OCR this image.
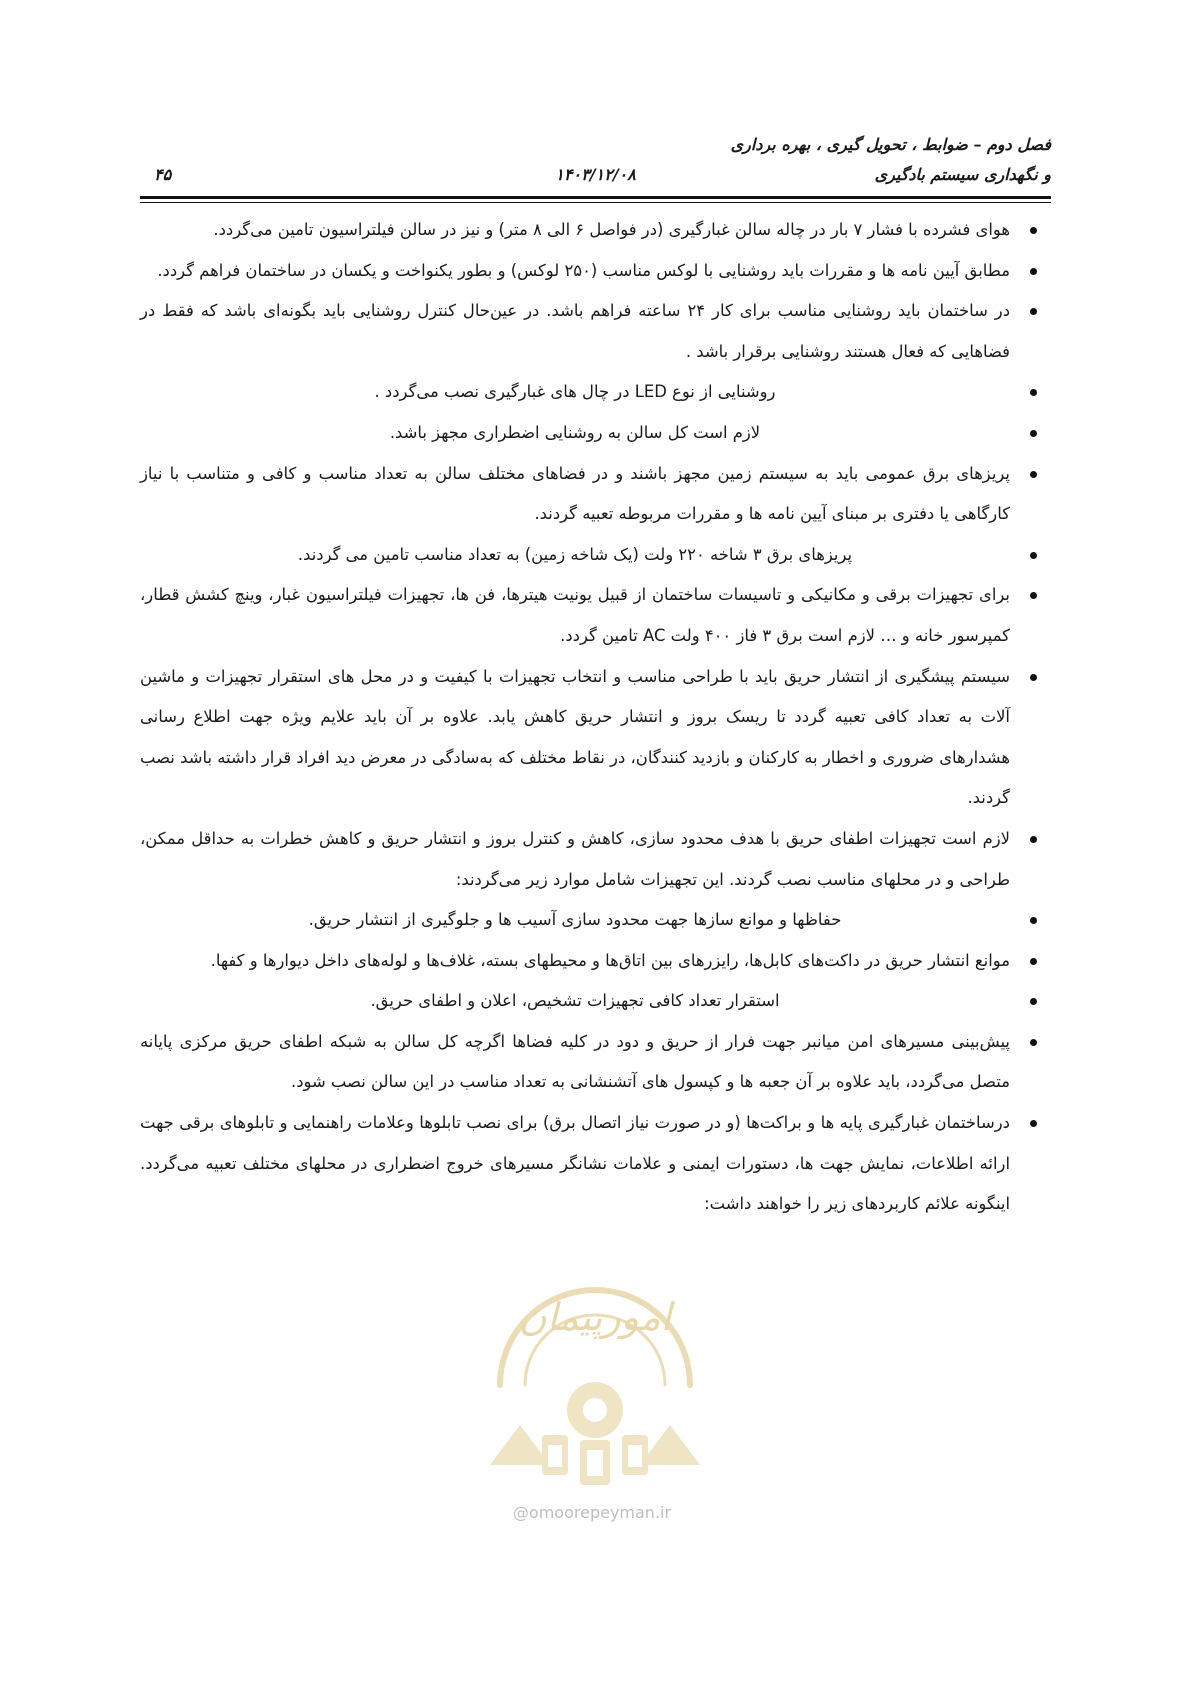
فصل دوم – ضوابط ، تحویل گیری ، بهره برداری
و نگهداری سیستم بادگیری
۱۴۰۳/۱۲/۰۸
۴۵
هوای فشرده با فشار ۷ بار در چاله سالن غبارگیری (در فواصل ۶ الی ۸ متر) و نیز در سالن فیلتراسیون تامین می‌گردد.
مطابق آیین نامه ها و مقررات باید روشنایی با لوکس مناسب (۲۵۰ لوکس) و بطور یکنواخت و یکسان در ساختمان فراهم گردد.
در ساختمان باید روشنایی مناسب برای کار ۲۴ ساعته فراهم باشد. در عین‌حال کنترل روشنایی باید بگونه‌ای باشد که فقط در فضاهایی که فعال هستند روشنایی برقرار باشد .
روشنایی از نوع LED در چال های غبارگیری نصب می‌گردد .
لازم است کل سالن به روشنایی اضطراری مجهز باشد.
پریزهای برق عمومی باید به سیستم زمین مجهز باشند و در فضاهای مختلف سالن به تعداد مناسب و کافی و متناسب با نیاز کارگاهی یا دفتری بر مبنای آیین نامه ها و مقررات مربوطه تعبیه گردند.
پریزهای برق ۳ شاخه ۲۲۰ ولت (یک شاخه زمین) به تعداد مناسب تامین می گردند.
برای تجهیزات برقی و مکانیکی و تاسیسات ساختمان از قبیل یونیت هیترها، فن ها، تجهیزات فیلتراسیون غبار، وینچ کشش قطار، کمپرسور خانه و … لازم است برق ۳ فاز ۴۰۰ ولت AC تامین گردد.
سیستم پیشگیری از انتشار حریق باید با طراحی مناسب و انتخاب تجهیزات با کیفیت و در محل های استقرار تجهیزات و ماشین آلات به تعداد کافی تعبیه گردد تا ریسک بروز و انتشار حریق کاهش یابد. علاوه بر آن باید علایم ویژه جهت اطلاع رسانی هشدارهای ضروری و اخطار به کارکنان و بازدید کنندگان، در نقاط مختلف که به‌سادگی در معرض دید افراد قرار داشته باشد نصب گردند.
لازم است تجهیزات اطفای حریق با هدف محدود سازی، کاهش و کنترل بروز و انتشار حریق و کاهش خطرات به حداقل ممکن، طراحی و در محلهای مناسب نصب گردند. این تجهیزات شامل موارد زیر می‌گردند:
حفاظها و موانع سازها جهت محدود سازی آسیب ها و جلوگیری از انتشار حریق.
موانع انتشار حریق در داکت‌های کابل‌ها، رایزرهای بین اتاق‌ها و محیطهای بسته، غلاف‌ها و لوله‌های داخل دیوارها و کفها.
استقرار تعداد کافی تجهیزات تشخیص، اعلان و اطفای حریق.
پیش‌بینی مسیرهای امن میانبر جهت فرار از حریق و دود در کلیه فضاها اگرچه کل سالن به شبکه اطفای حریق مرکزی پایانه متصل می‌گردد، باید علاوه بر آن جعبه ها و کپسول های آتشنشانی به تعداد مناسب در این سالن نصب شود.
درساختمان غبارگیری پایه ها و براکت‌ها (و در صورت نیاز اتصال برق) برای نصب تابلوها وعلامات راهنمایی و تابلوهای برقی جهت ارائه اطلاعات، نمایش جهت ها، دستورات ایمنی و علامات نشانگر مسیرهای خروج اضطراری در محلهای مختلف تعبیه می‌گردد. اینگونه علائم کاربردهای زیر را خواهند داشت:
امورپیمان
@omoorepeyman.ir
